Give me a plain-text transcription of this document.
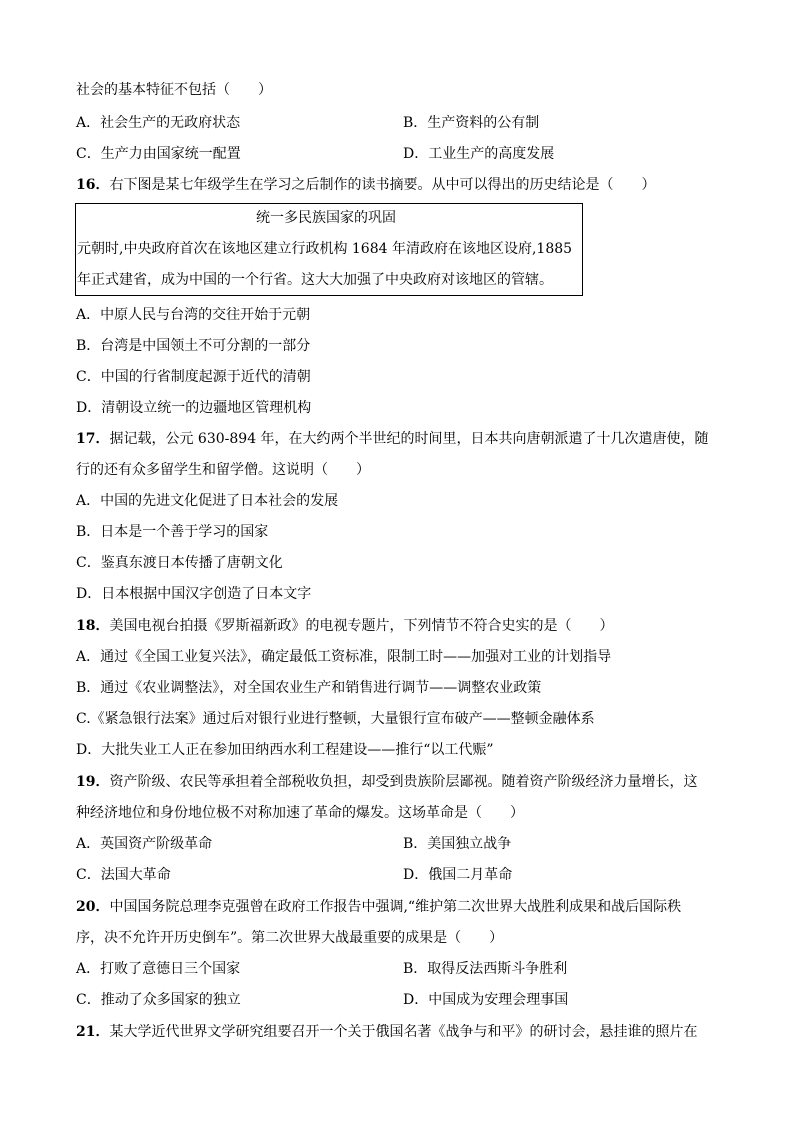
社会的基本特征不包括（　　）
A．社会生产的无政府状态	B．生产资料的公有制
C．生产力由国家统一配置	D．工业生产的高度发展
16．右下图是某七年级学生在学习之后制作的读书摘要。从中可以得出的历史结论是（　　）
统一多民族国家的巩固
元朝时,中央政府首次在该地区建立行政机构 1684 年清政府在该地区设府,1885
年正式建省，成为中国的一个行省。这大大加强了中央政府对该地区的管辖。
A．中原人民与台湾的交往开始于元朝
B．台湾是中国领土不可分割的一部分
C．中国的行省制度起源于近代的清朝
D．清朝设立统一的边疆地区管理机构
17．据记载，公元 630-894 年，在大约两个半世纪的时间里，日本共向唐朝派遣了十几次遣唐使，随
行的还有众多留学生和留学僧。这说明（　　）
A．中国的先进文化促进了日本社会的发展
B．日本是一个善于学习的国家
C．鉴真东渡日本传播了唐朝文化
D．日本根据中国汉字创造了日本文字
18．美国电视台拍摄《罗斯福新政》的电视专题片，下列情节不符合史实的是（　　）
A．通过《全国工业复兴法》，确定最低工资标准，限制工时——加强对工业的计划指导
B．通过《农业调整法》，对全国农业生产和销售进行调节——调整农业政策
C.《紧急银行法案》通过后对银行业进行整顿，大量银行宣布破产——整顿金融体系
D．大批失业工人正在参加田纳西水利工程建设——推行“以工代赈”
19．资产阶级、农民等承担着全部税收负担，却受到贵族阶层鄙视。随着资产阶级经济力量增长，这
种经济地位和身份地位极不对称加速了革命的爆发。这场革命是（　　）
A．英国资产阶级革命	B．美国独立战争
C．法国大革命	D．俄国二月革命
20．中国国务院总理李克强曾在政府工作报告中强调,“维护第二次世界大战胜利成果和战后国际秩
序，决不允许开历史倒车”。第二次世界大战最重要的成果是（　　）
A．打败了意德日三个国家	B．取得反法西斯斗争胜利
C．推动了众多国家的独立	D．中国成为安理会理事国
21．某大学近代世界文学研究组要召开一个关于俄国名著《战争与和平》的研讨会，悬挂谁的照片在
